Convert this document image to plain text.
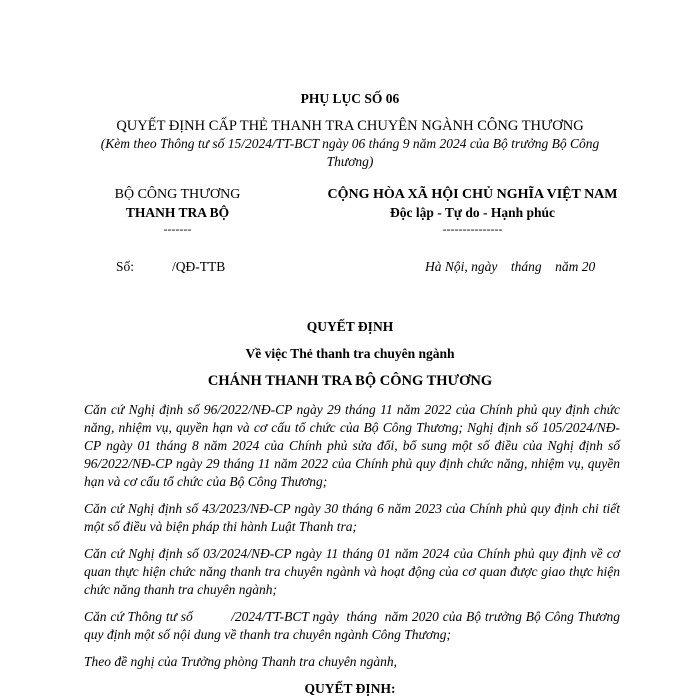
PHỤ LỤC SỐ 06
QUYẾT ĐỊNH CẤP THẺ THANH TRA CHUYÊN NGÀNH CÔNG THƯƠNG
(Kèm theo Thông tư số 15/2024/TT-BCT ngày 06 tháng 9 năm 2024 của Bộ trưởng Bộ Công Thương)
BỘ CÔNG THƯƠNG
THANH TRA BỘ
-------
CỘNG HÒA XÃ HỘI CHỦ NGHĨA VIỆT NAM
Độc lập - Tự do - Hạnh phúc
---------------
Số:	/QĐ-TTB	Hà Nội, ngày    tháng    năm 20
QUYẾT ĐỊNH
Về việc Thẻ thanh tra chuyên ngành
CHÁNH THANH TRA BỘ CÔNG THƯƠNG
Căn cứ Nghị định số 96/2022/NĐ-CP ngày 29 tháng 11 năm 2022 của Chính phủ quy định chức năng, nhiệm vụ, quyền hạn và cơ cấu tổ chức của Bộ Công Thương; Nghị định số 105/2024/NĐ-CP ngày 01 tháng 8 năm 2024 của Chính phủ sửa đổi, bổ sung một số điều của Nghị định số 96/2022/NĐ-CP ngày 29 tháng 11 năm 2022 của Chính phủ quy định chức năng, nhiệm vụ, quyền hạn và cơ cấu tổ chức của Bộ Công Thương;
Căn cứ Nghị định số 43/2023/NĐ-CP ngày 30 tháng 6 năm 2023 của Chính phủ quy định chi tiết một số điều và biện pháp thi hành Luật Thanh tra;
Căn cứ Nghị định số 03/2024/NĐ-CP ngày 11 tháng 01 năm 2024 của Chính phủ quy định về cơ quan thực hiện chức năng thanh tra chuyên ngành và hoạt động của cơ quan được giao thực hiện chức năng thanh tra chuyên ngành;
Căn cứ Thông tư số          /2024/TT-BCT ngày  tháng  năm 2020 của Bộ trưởng Bộ Công Thương quy định một số nội dung về thanh tra chuyên ngành Công Thương;
Theo đề nghị của Trưởng phòng Thanh tra chuyên ngành,
QUYẾT ĐỊNH:
